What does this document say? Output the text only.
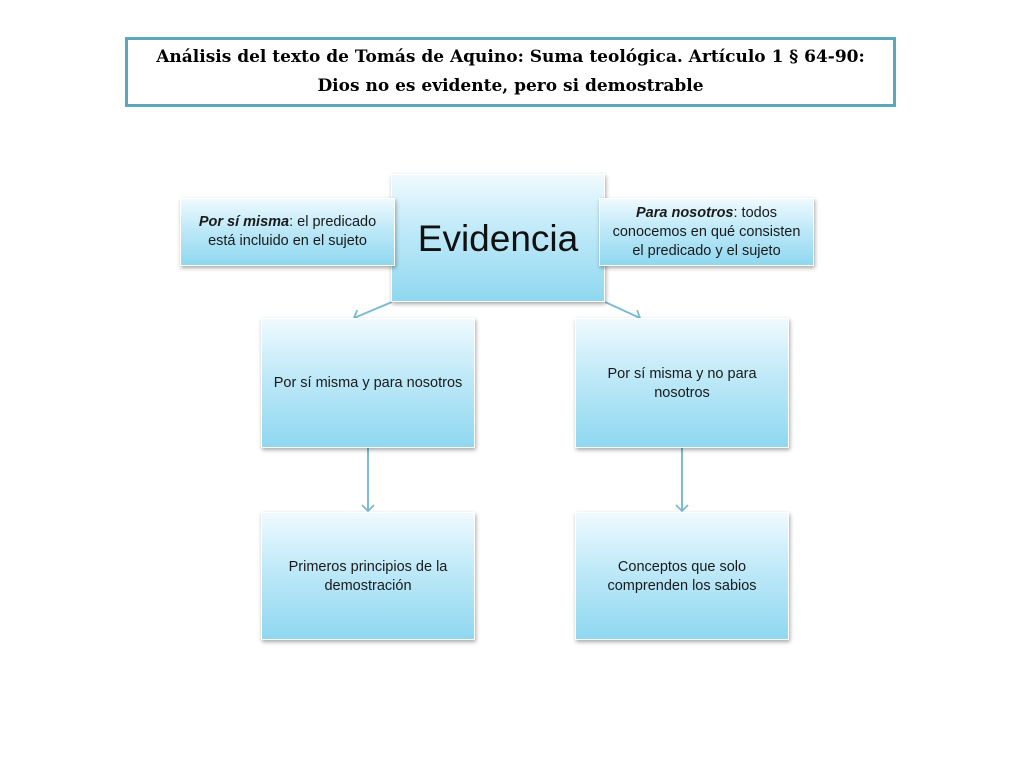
Análisis del texto de Tomás de Aquino: Suma teológica. Artículo 1 § 64-90:
Dios no es evidente, pero si demostrable
Evidencia
Por sí misma: el predicado está incluido en el sujeto
Para nosotros: todos conocemos en qué consisten el predicado y el sujeto
Por sí misma y para nosotros
Por sí misma y no para nosotros
Primeros principios de la demostración
Conceptos que solo comprenden los sabios
